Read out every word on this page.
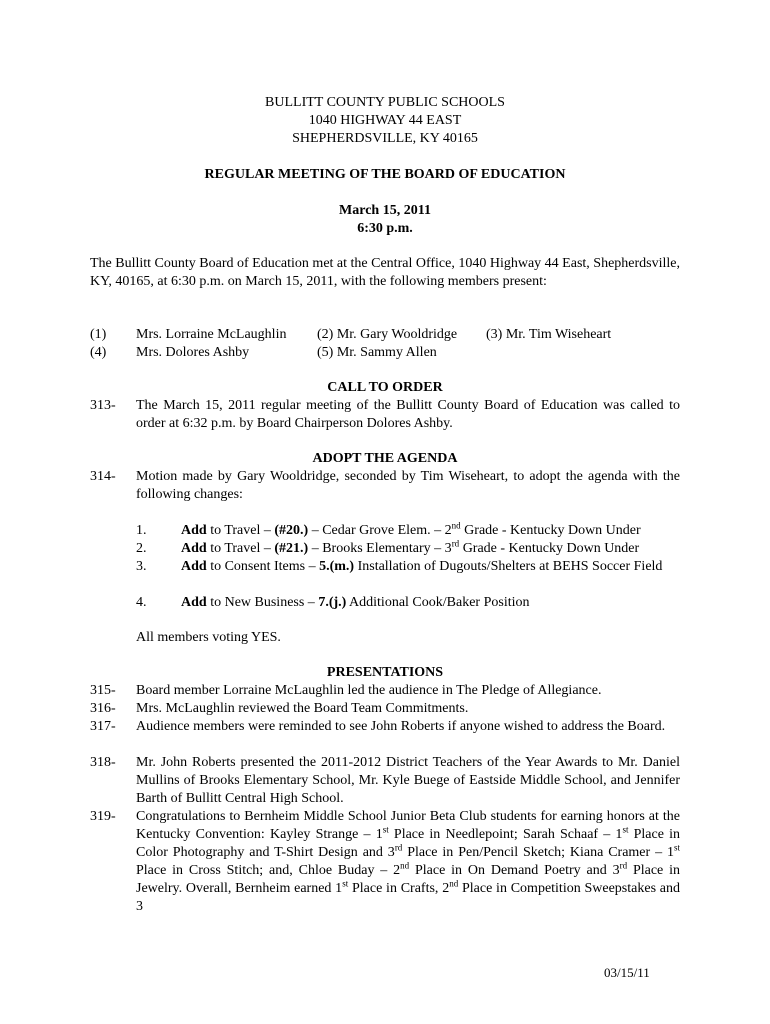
BULLITT COUNTY PUBLIC SCHOOLS
1040 HIGHWAY 44 EAST
SHEPHERDSVILLE, KY 40165
REGULAR MEETING OF THE BOARD OF EDUCATION
March 15, 2011
6:30 p.m.
The Bullitt County Board of Education met at the Central Office, 1040 Highway 44 East, Shepherdsville, KY, 40165, at 6:30 p.m. on March 15, 2011, with the following members present:
(1) Mrs. Lorraine McLaughlin (2) Mr. Gary Wooldridge (3) Mr. Tim Wiseheart
(4) Mrs. Dolores Ashby	(5) Mr. Sammy Allen
CALL TO ORDER
313- The March 15, 2011 regular meeting of the Bullitt County Board of Education was called to order at 6:32 p.m. by Board Chairperson Dolores Ashby.
ADOPT THE AGENDA
314- Motion made by Gary Wooldridge, seconded by Tim Wiseheart, to adopt the agenda with the following changes:
1. Add to Travel – (#20.) – Cedar Grove Elem. – 2nd Grade - Kentucky Down Under
2. Add to Travel – (#21.) – Brooks Elementary – 3rd Grade - Kentucky Down Under
3. Add to Consent Items – 5.(m.) Installation of Dugouts/Shelters at BEHS Soccer Field
4. Add to New Business – 7.(j.) Additional Cook/Baker Position
All members voting YES.
PRESENTATIONS
315- Board member Lorraine McLaughlin led the audience in The Pledge of Allegiance.
316- Mrs. McLaughlin reviewed the Board Team Commitments.
317- Audience members were reminded to see John Roberts if anyone wished to address the Board.
318- Mr. John Roberts presented the 2011-2012 District Teachers of the Year Awards to Mr. Daniel Mullins of Brooks Elementary School, Mr. Kyle Buege of Eastside Middle School, and Jennifer Barth of Bullitt Central High School.
319- Congratulations to Bernheim Middle School Junior Beta Club students for earning honors at the Kentucky Convention: Kayley Strange – 1st Place in Needlepoint; Sarah Schaaf – 1st Place in Color Photography and T-Shirt Design and 3rd Place in Pen/Pencil Sketch; Kiana Cramer – 1st Place in Cross Stitch; and, Chloe Buday – 2nd Place in On Demand Poetry and 3rd Place in Jewelry. Overall, Bernheim earned 1st Place in Crafts, 2nd Place in Competition Sweepstakes and 3
03/15/11
